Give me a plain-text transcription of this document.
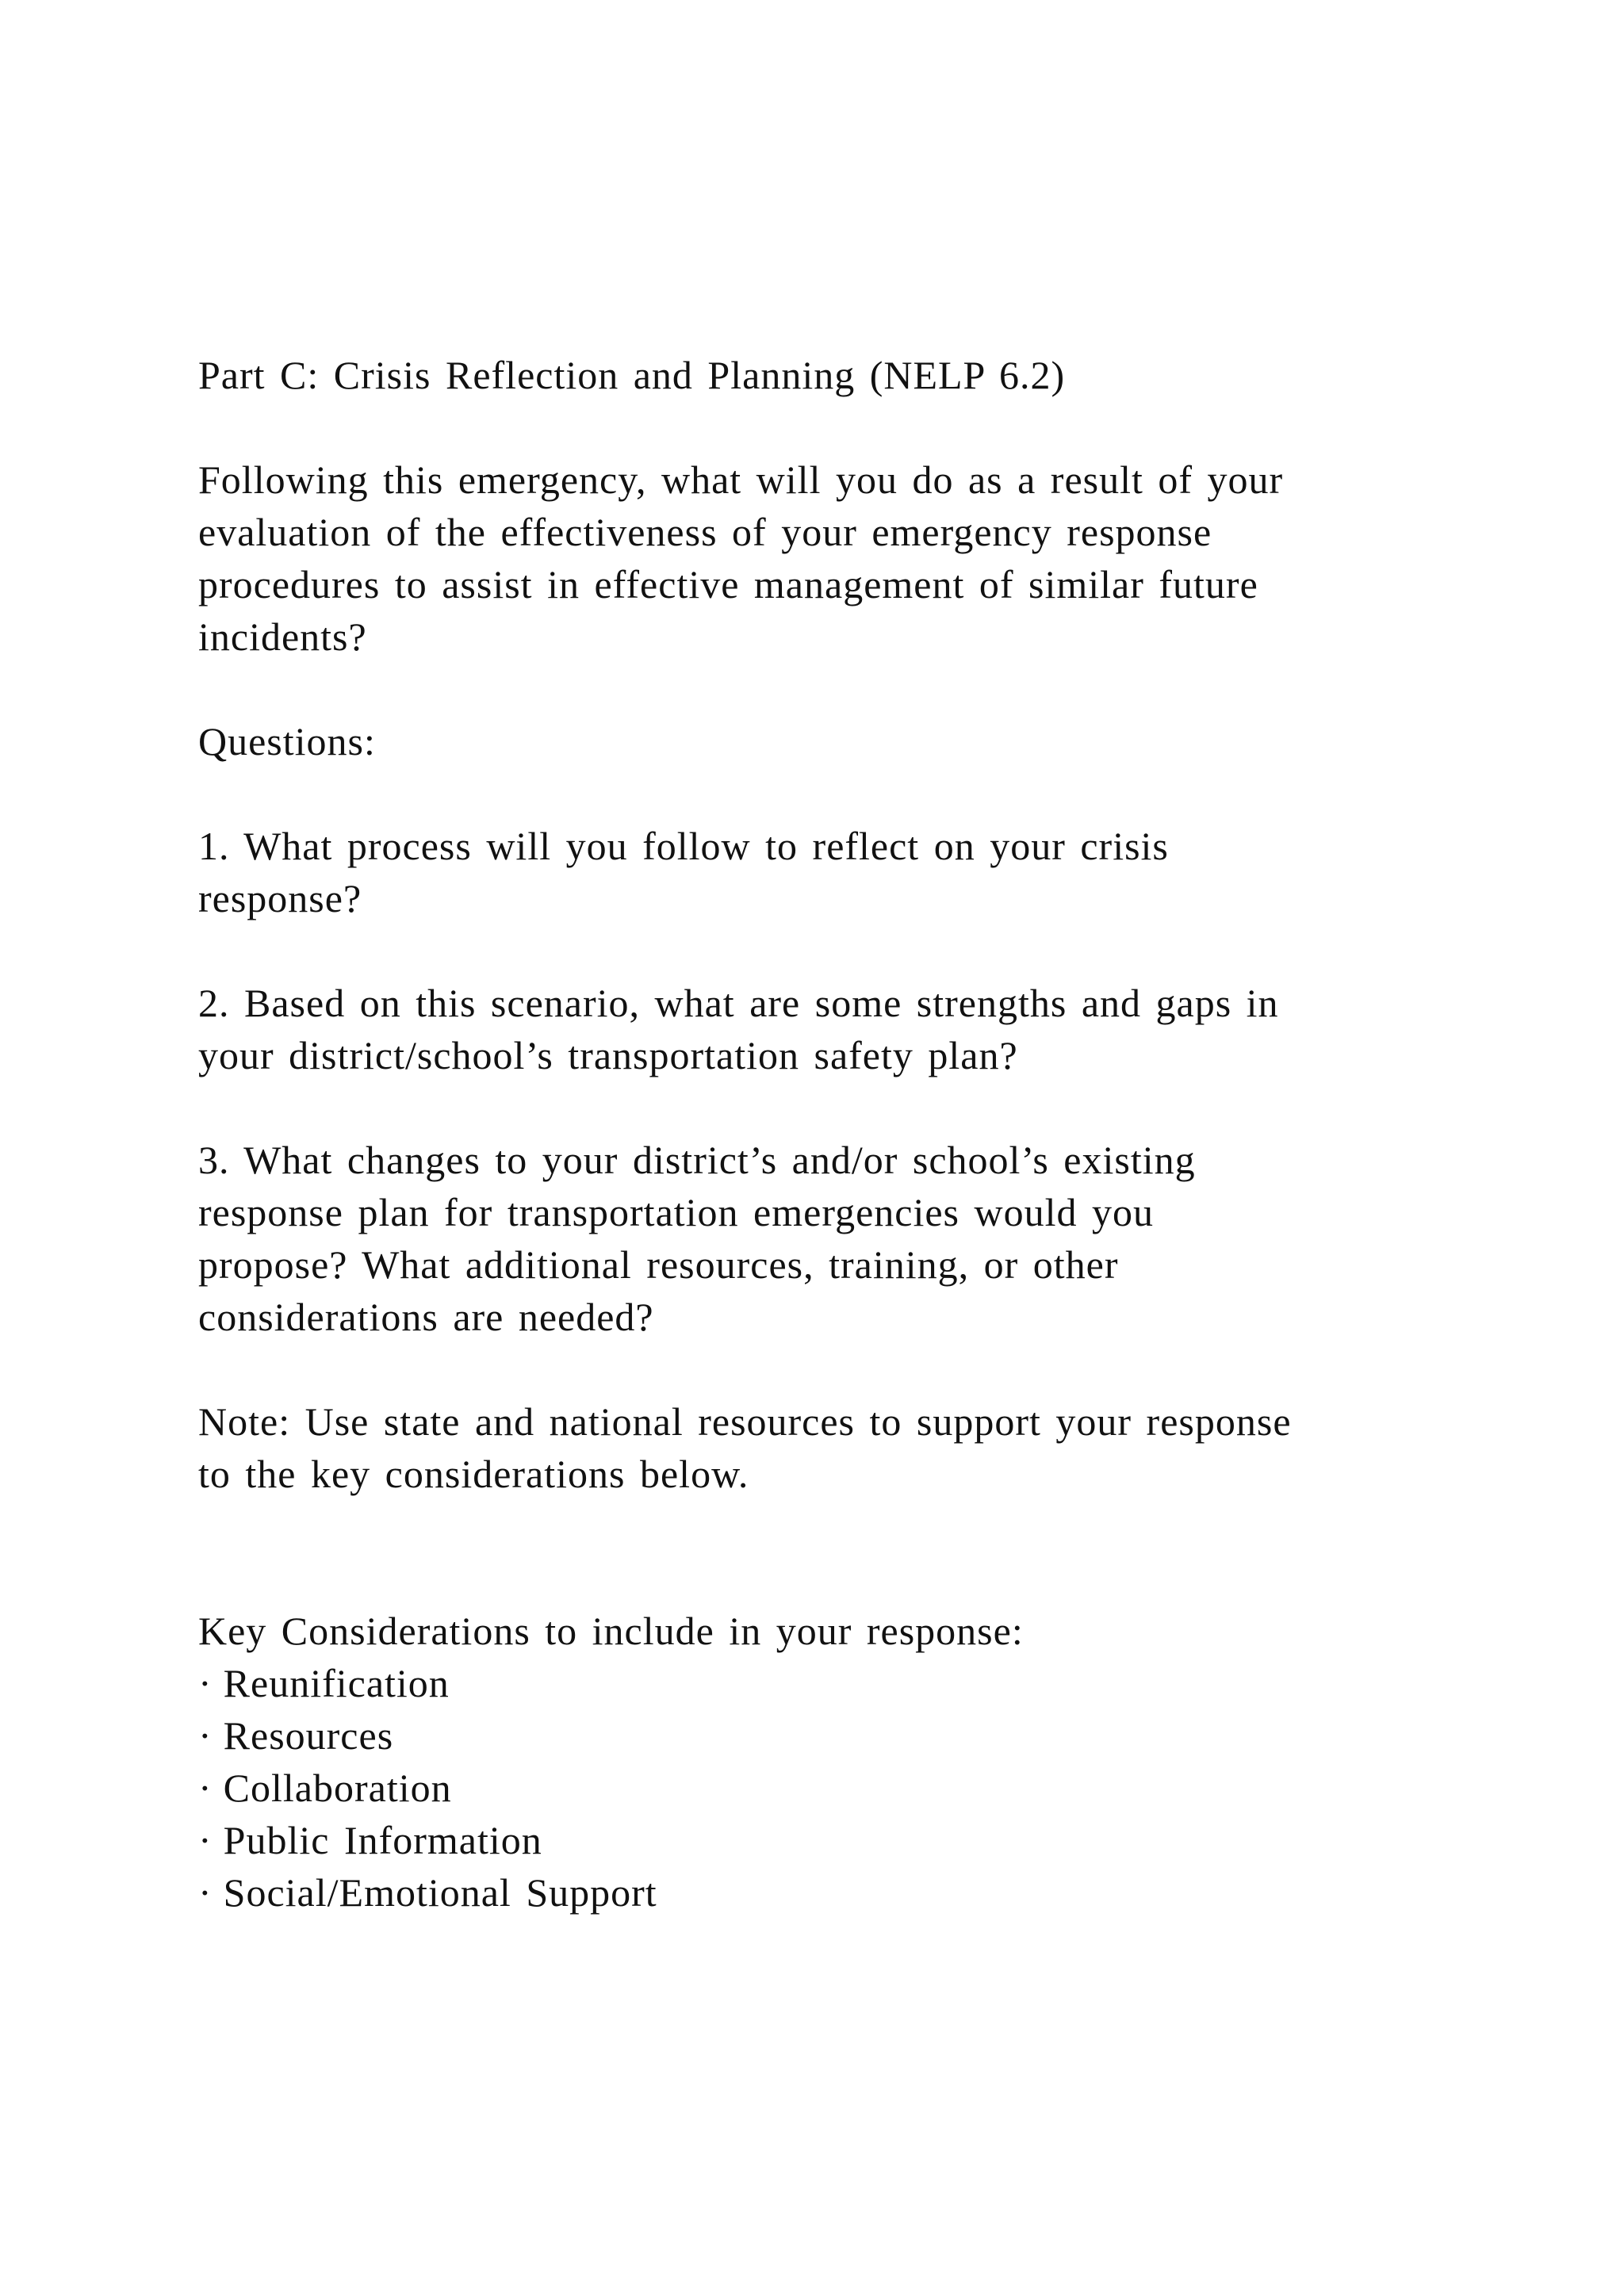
Part C: Crisis Reflection and Planning (NELP 6.2)

Following this emergency, what will you do as a result of your
evaluation of the effectiveness of your emergency response
procedures to assist in effective management of similar future
incidents?

Questions:

1. What process will you follow to reflect on your crisis
response?

2. Based on this scenario, what are some strengths and gaps in
your district/school’s transportation safety plan?

3. What changes to your district’s and/or school’s existing
response plan for transportation emergencies would you
propose? What additional resources, training, or other
considerations are needed?

Note: Use state and national resources to support your response
to the key considerations below.

Key Considerations to include in your response:
· Reunification
· Resources
· Collaboration
· Public Information
· Social/Emotional Support
